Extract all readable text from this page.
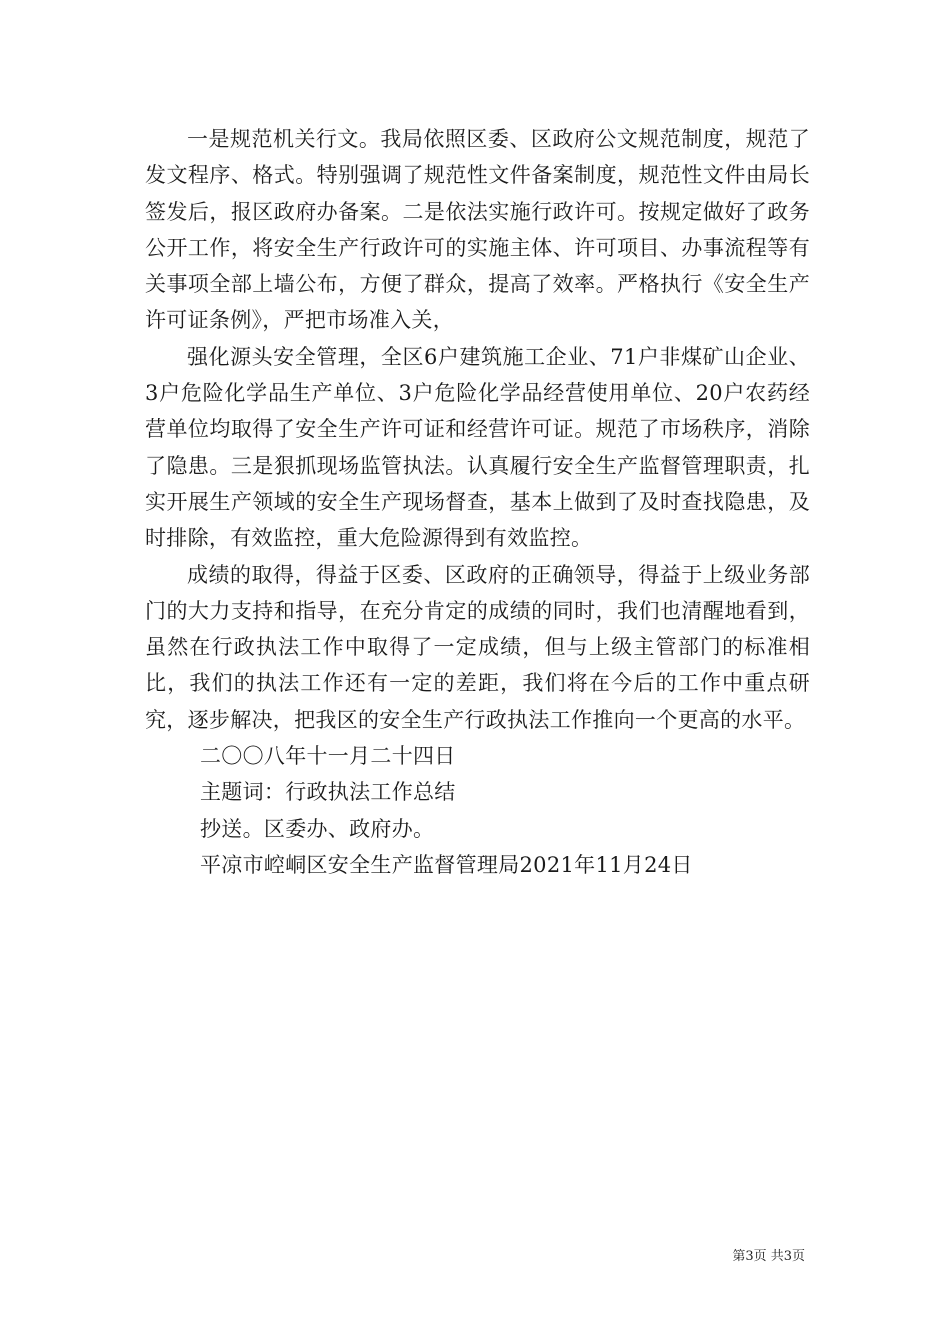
一是规范机关行文。我局依照区委、区政府公文规范制度，规范了发文程序、格式。特别强调了规范性文件备案制度，规范性文件由局长签发后，报区政府办备案。二是依法实施行政许可。按规定做好了政务公开工作，将安全生产行政许可的实施主体、许可项目、办事流程等有关事项全部上墙公布，方便了群众，提高了效率。严格执行《安全生产许可证条例》，严把市场准入关，

强化源头安全管理，全区6户建筑施工企业、71户非煤矿山企业、3户危险化学品生产单位、3户危险化学品经营使用单位、20户农药经营单位均取得了安全生产许可证和经营许可证。规范了市场秩序，消除了隐患。三是狠抓现场监管执法。认真履行安全生产监督管理职责，扎实开展生产领域的安全生产现场督查，基本上做到了及时查找隐患，及时排除，有效监控，重大危险源得到有效监控。

成绩的取得，得益于区委、区政府的正确领导，得益于上级业务部门的大力支持和指导，在充分肯定的成绩的同时，我们也清醒地看到，虽然在行政执法工作中取得了一定成绩，但与上级主管部门的标准相比，我们的执法工作还有一定的差距，我们将在今后的工作中重点研究，逐步解决，把我区的安全生产行政执法工作推向一个更高的水平。

二〇〇八年十一月二十四日

主题词：行政执法工作总结

抄送。区委办、政府办。

平凉市崆峒区安全生产监督管理局2021年11月24日

第3页 共3页
